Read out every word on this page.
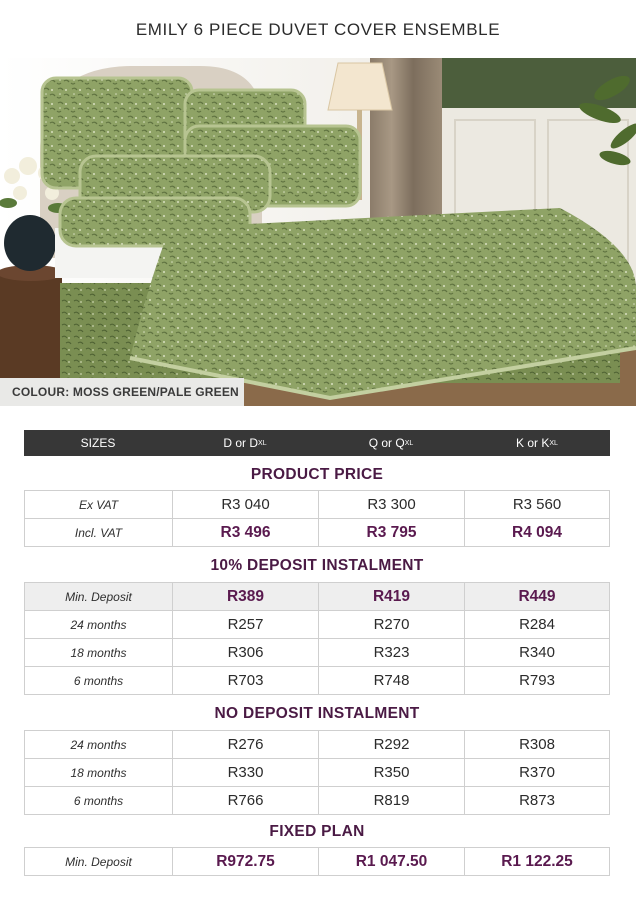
EMILY 6 PIECE DUVET COVER ENSEMBLE
COLOUR: MOSS GREEN/PALE GREEN
SIZES	D or D XL	Q or Q XL	K or K XL
PRODUCT PRICE
Ex VAT	R3 040	R3 300	R3 560
Incl. VAT	R3 496	R3 795	R4 094
10% DEPOSIT INSTALMENT
Min. Deposit	R389	R419	R449
24 months	R257	R270	R284
18 months	R306	R323	R340
6 months	R703	R748	R793
NO DEPOSIT INSTALMENT
24 months	R276	R292	R308
18 months	R330	R350	R370
6 months	R766	R819	R873
FIXED PLAN
Min. Deposit	R972.75	R1 047.50	R1 122.25
